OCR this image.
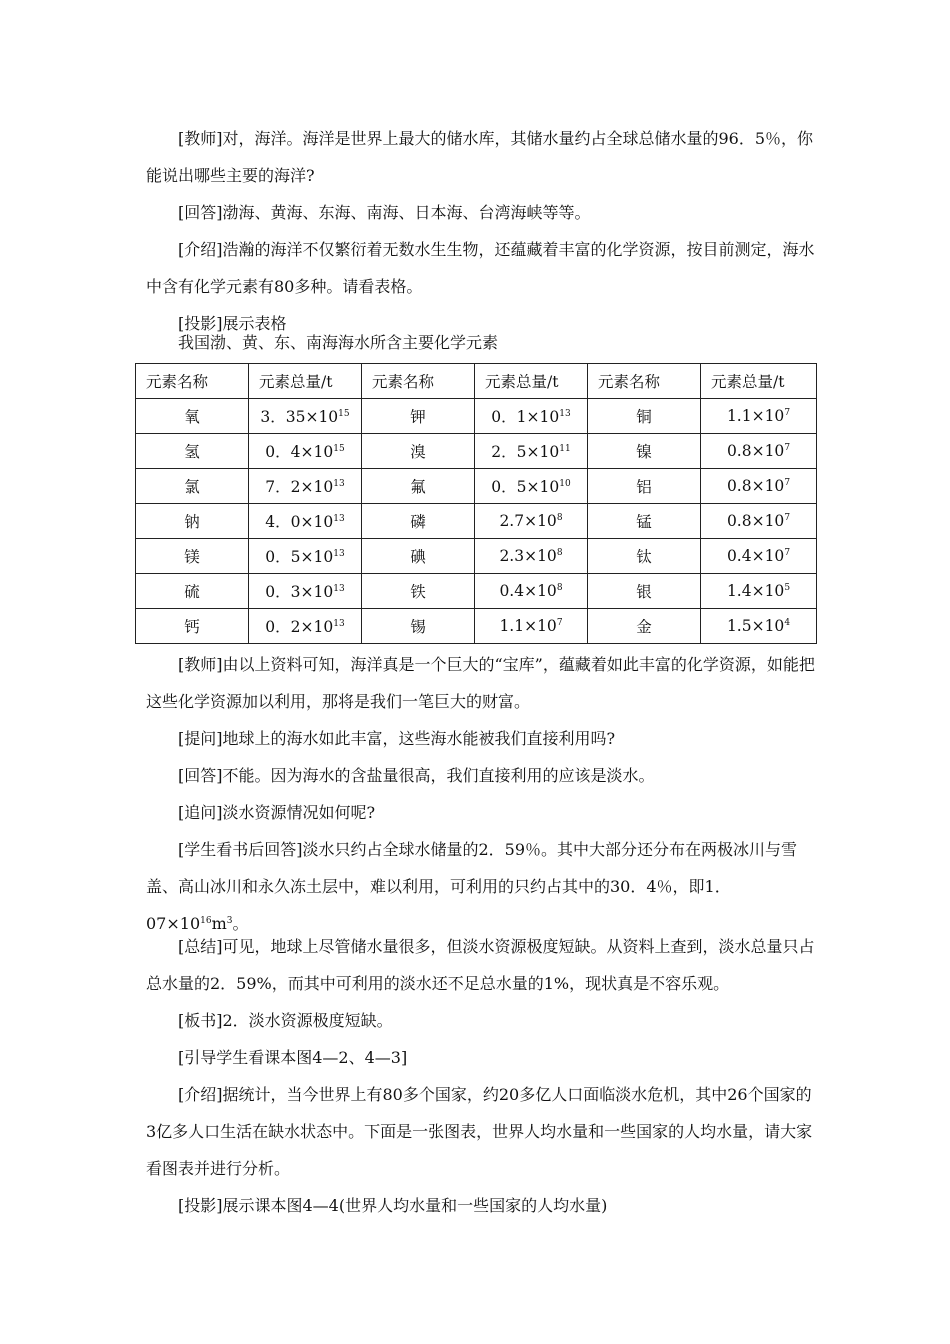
[教师]对，海洋。海洋是世界上最大的储水库，其储水量约占全球总储水量的96．5％，你能说出哪些主要的海洋?

[回答]渤海、黄海、东海、南海、日本海、台湾海峡等等。

[介绍]浩瀚的海洋不仅繁衍着无数水生生物，还蕴藏着丰富的化学资源，按目前测定，海水中含有化学元素有80多种。请看表格。

[投影]展示表格

我国渤、黄、东、南海海水所含主要化学元素
元素名称	元素总量/t	元素名称	元素总量/t	元素名称	元素总量/t
氧	3．$35\times 10^{15}$	钾	0．$1\times 10^{13}$	铜	$1.1\times 10^7$
氢	0．$4\times 10^{15}$	溴	2．$5\times 10^{11}$	镍	$0.8\times 10^7$
氯	7．$2\times 10^{13}$	氟	0．$5\times 10^{10}$	铝	$0.8\times 10^7$
钠	4．$0\times 10^{13}$	磷	$2.7\times 10^8$	锰	$0.8\times 10^7$
镁	0．$5\times 10^{13}$	碘	$2.3\times 10^8$	钛	$0.4\times 10^7$
硫	0．$3\times 10^{13}$	铁	$0.4\times 10^8$	银	$1.4\times 10^5$
钙	0．$2\times 10^{13}$	锡	$1.1\times 10^7$	金	$1.5\times 10^4$

[教师]由以上资料可知，海洋真是一个巨大的“宝库”，蕴藏着如此丰富的化学资源，如能把这些化学资源加以利用，那将是我们一笔巨大的财富。

[提问]地球上的海水如此丰富，这些海水能被我们直接利用吗?

[回答]不能。因为海水的含盐量很高，我们直接利用的应该是淡水。

[追问]淡水资源情况如何呢?

[学生看书后回答]淡水只约占全球水储量的2．59％。其中大部分还分布在两极冰川与雪盖、高山冰川和永久冻土层中，难以利用，可利用的只约占其中的30．4％，即1．$07\times 10^{16}m^3$。

[总结]可见，地球上尽管储水量很多，但淡水资源极度短缺。从资料上查到，淡水总量只占总水量的2．59%，而其中可利用的淡水还不足总水量的1%，现状真是不容乐观。

[板书]2．淡水资源极度短缺。

[引导学生看课本图4—2、4—3]

[介绍]据统计，当今世界上有80多个国家，约20多亿人口面临淡水危机，其中26个国家的3亿多人口生活在缺水状态中。下面是一张图表，世界人均水量和一些国家的人均水量，请大家看图表并进行分析。

[投影]展示课本图4—4(世界人均水量和一些国家的人均水量)
